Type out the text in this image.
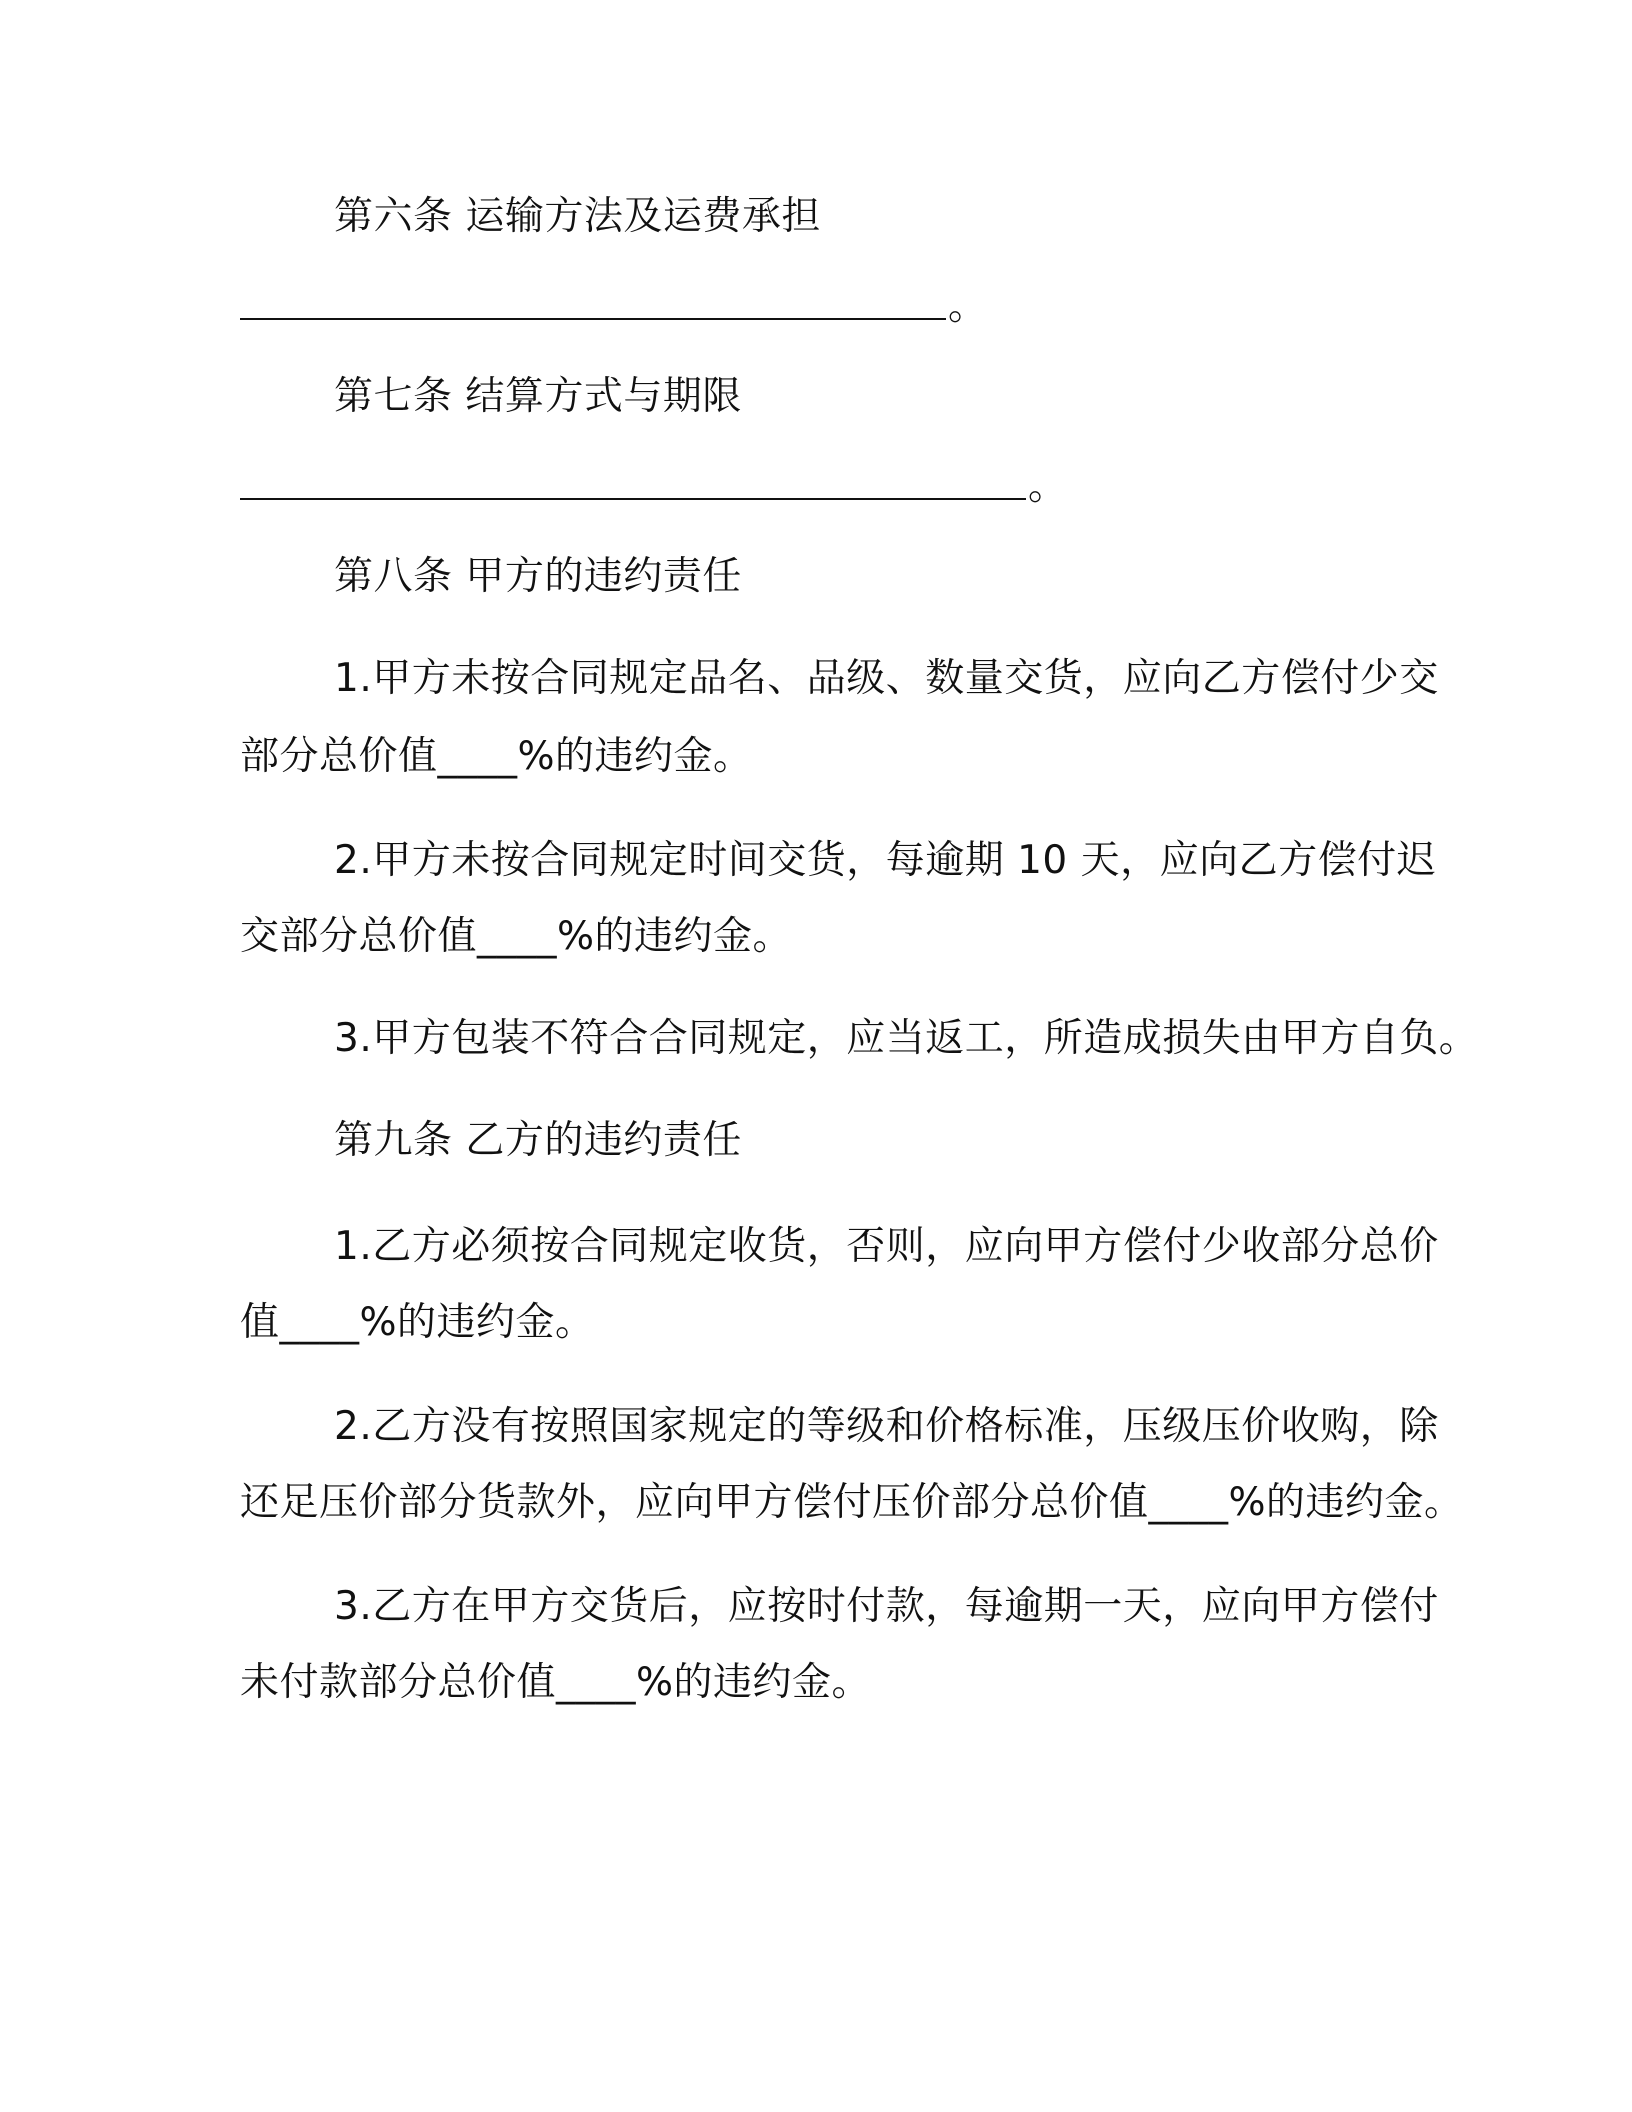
第六条 运输方法及运费承担
。
第七条 结算方式与期限
。
第八条 甲方的违约责任
1.甲方未按合同规定品名、品级、数量交货，应向乙方偿付少交
部分总价值____%的违约金。
2.甲方未按合同规定时间交货，每逾期 10 天，应向乙方偿付迟
交部分总价值____%的违约金。
3.甲方包装不符合合同规定，应当返工，所造成损失由甲方自负。
第九条 乙方的违约责任
1.乙方必须按合同规定收货，否则，应向甲方偿付少收部分总价
值____%的违约金。
2.乙方没有按照国家规定的等级和价格标准，压级压价收购，除
还足压价部分货款外，应向甲方偿付压价部分总价值____%的违约金。
3.乙方在甲方交货后，应按时付款，每逾期一天，应向甲方偿付
未付款部分总价值____%的违约金。
